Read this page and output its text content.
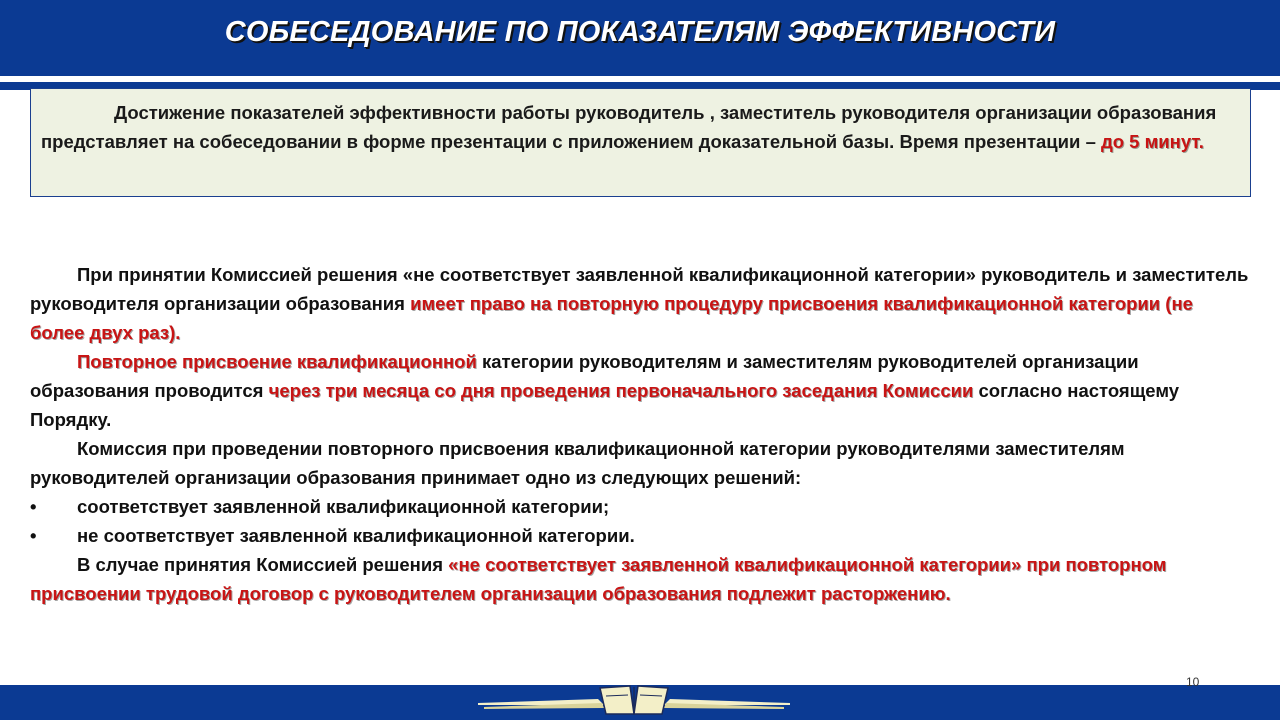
СОБЕСЕДОВАНИЕ ПО ПОКАЗАТЕЛЯМ ЭФФЕКТИВНОСТИ
Достижение показателей эффективности работы руководитель , заместитель руководителя организации образования представляет на собеседовании в форме презентации с приложением доказательной базы. Время презентации – до 5 минут.

При принятии Комиссией решения «не соответствует заявленной квалификационной категории» руководитель и заместитель руководителя организации образования имеет право на повторную процедуру присвоения квалификационной категории (не более двух раз).

Повторное присвоение квалификационной категории руководителям и заместителям руководителей организации образования проводится через три месяца со дня проведения первоначального заседания Комиссии согласно настоящему Порядку.

Комиссия при проведении повторного присвоения квалификационной категории руководителями заместителям руководителей организации образования принимает одно из следующих решений:

•	соответствует заявленной квалификационной категории;
•	не соответствует заявленной квалификационной категории.

В случае принятия Комиссией решения «не соответствует заявленной квалификационной категории» при повторном присвоении трудовой договор с руководителем организации образования подлежит расторжению.

10
